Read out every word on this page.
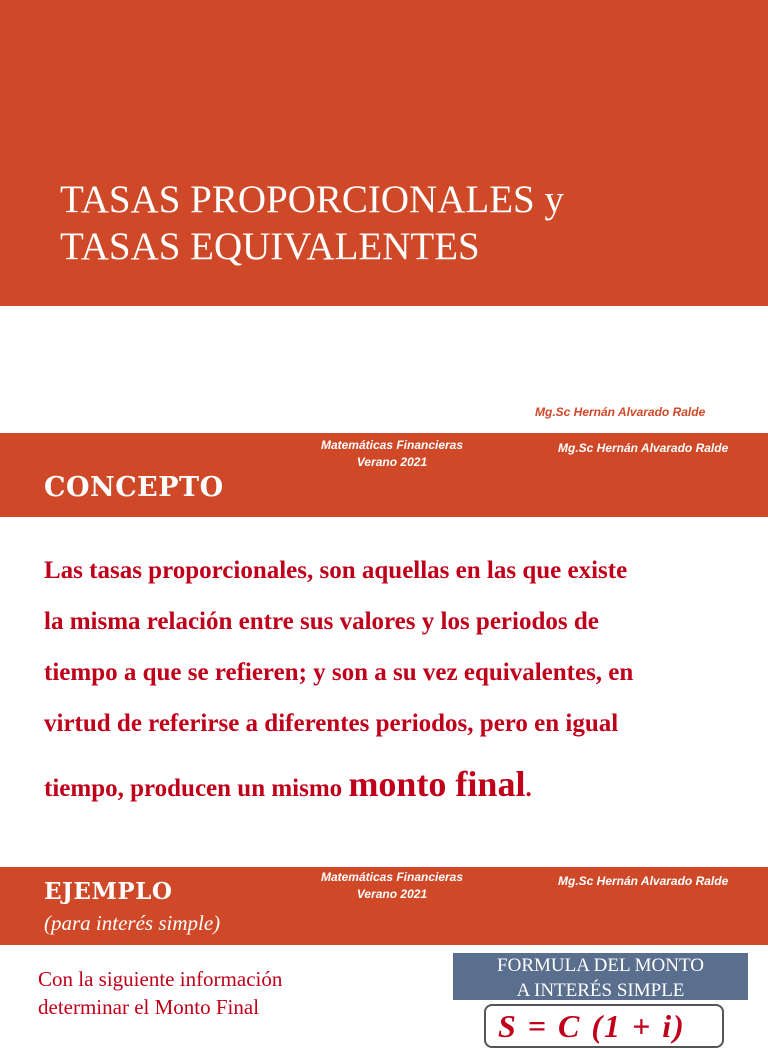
TASAS PROPORCIONALES y
TASAS EQUIVALENTES
Mg.Sc Hernán Alvarado Ralde
Matemáticas Financieras
Verano 2021
Mg.Sc Hernán Alvarado Ralde
CONCEPTO

Las tasas proporcionales, son aquellas en las que existe
la misma relación entre sus valores y los periodos de
tiempo a que se refieren; y son a su vez equivalentes, en
virtud de referirse a diferentes periodos, pero en igual
tiempo, producen un mismo monto final.

Matemáticas Financieras
Verano 2021
Mg.Sc Hernán Alvarado Ralde
EJEMPLO
(para interés simple)

Con la siguiente información
determinar el Monto Final

FORMULA DEL MONTO
A INTERÉS SIMPLE
S = C (1 + i)
